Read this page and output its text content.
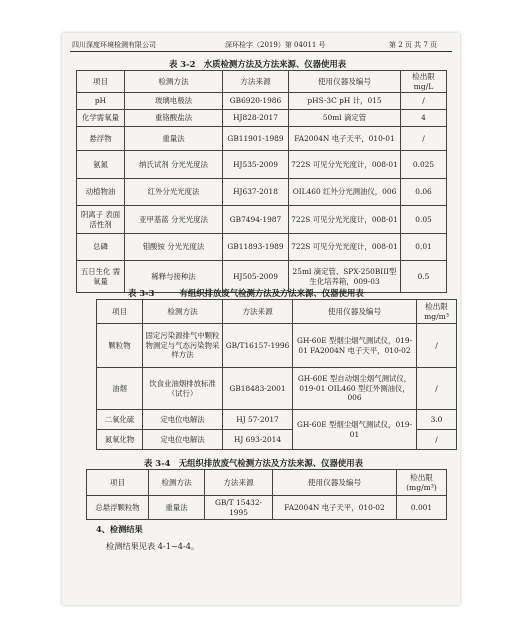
四川深度环境检测有限公司	深环检字（2019）第 04011 号	第 2 页 共 7 页
表 3-2　水质检测方法及方法来源、仪器使用表
项目	检测方法	方法来源	使用仪器及编号	检出限 mg/L
pH	玻璃电极法	GB6920-1986	pHS-3C pH 计，015	/
化学需氧量	重铬酸盐法	HJ828-2017	50ml 滴定管	4
悬浮物	重量法	GB11901-1989	FA2004N 电子天平，010-01	/
氨氮	纳氏试剂 分光光度法	HJ535-2009	722S 可见分光光度计，008-01	0.025
动植物油	红外分光光度法	HJ637-2018	OIL460 红外分光测油仪，006	0.06
阴离子 表面活性剂	亚甲基蓝 分光光度法	GB7494-1987	722S 可见分光光度计，008-01	0.05
总磷	钼酸铵 分光光度法	GB11893-1989	722S 可见分光光度计，008-01	0.01
五日生化 需氧量	稀释与接种法	HJ505-2009	25ml 滴定管、SPX-250BIII型 生化培养箱，009-03	0.5
表 3-3　　　有组织排放废气检测方法及方法来源、仪器使用表
项目	检测方法	方法来源	使用仪器及编号	检出限 mg/m³
颗粒物	固定污染源排气中颗粒物测定与气态污染物采样方法	GB/T16157-1996	GH-60E 型烟尘烟气测试仪，019-01 FA2004N 电子天平，010-02	/
油烟	饮食业油烟排放标准（试行）	GB18483-2001	GH-60E 型自动烟尘烟气测试仪，019-01 OIL460 型红外测油仪，006	/
二氧化硫	定电位电解法	HJ 57-2017	GH-60E 型烟尘烟气测试仪，019-01	3.0
氮氧化物	定电位电解法	HJ 693-2014		/
表 3-4　无组织排放废气检测方法及方法来源、仪器使用表
项目	检测方法	方法来源	使用仪器及编号	检出限 (mg/m³)
总悬浮颗粒物	重量法	GB/T 15432-1995	FA2004N 电子天平，010-02	0.001
4、检测结果
检测结果见表 4-1~4-4。
